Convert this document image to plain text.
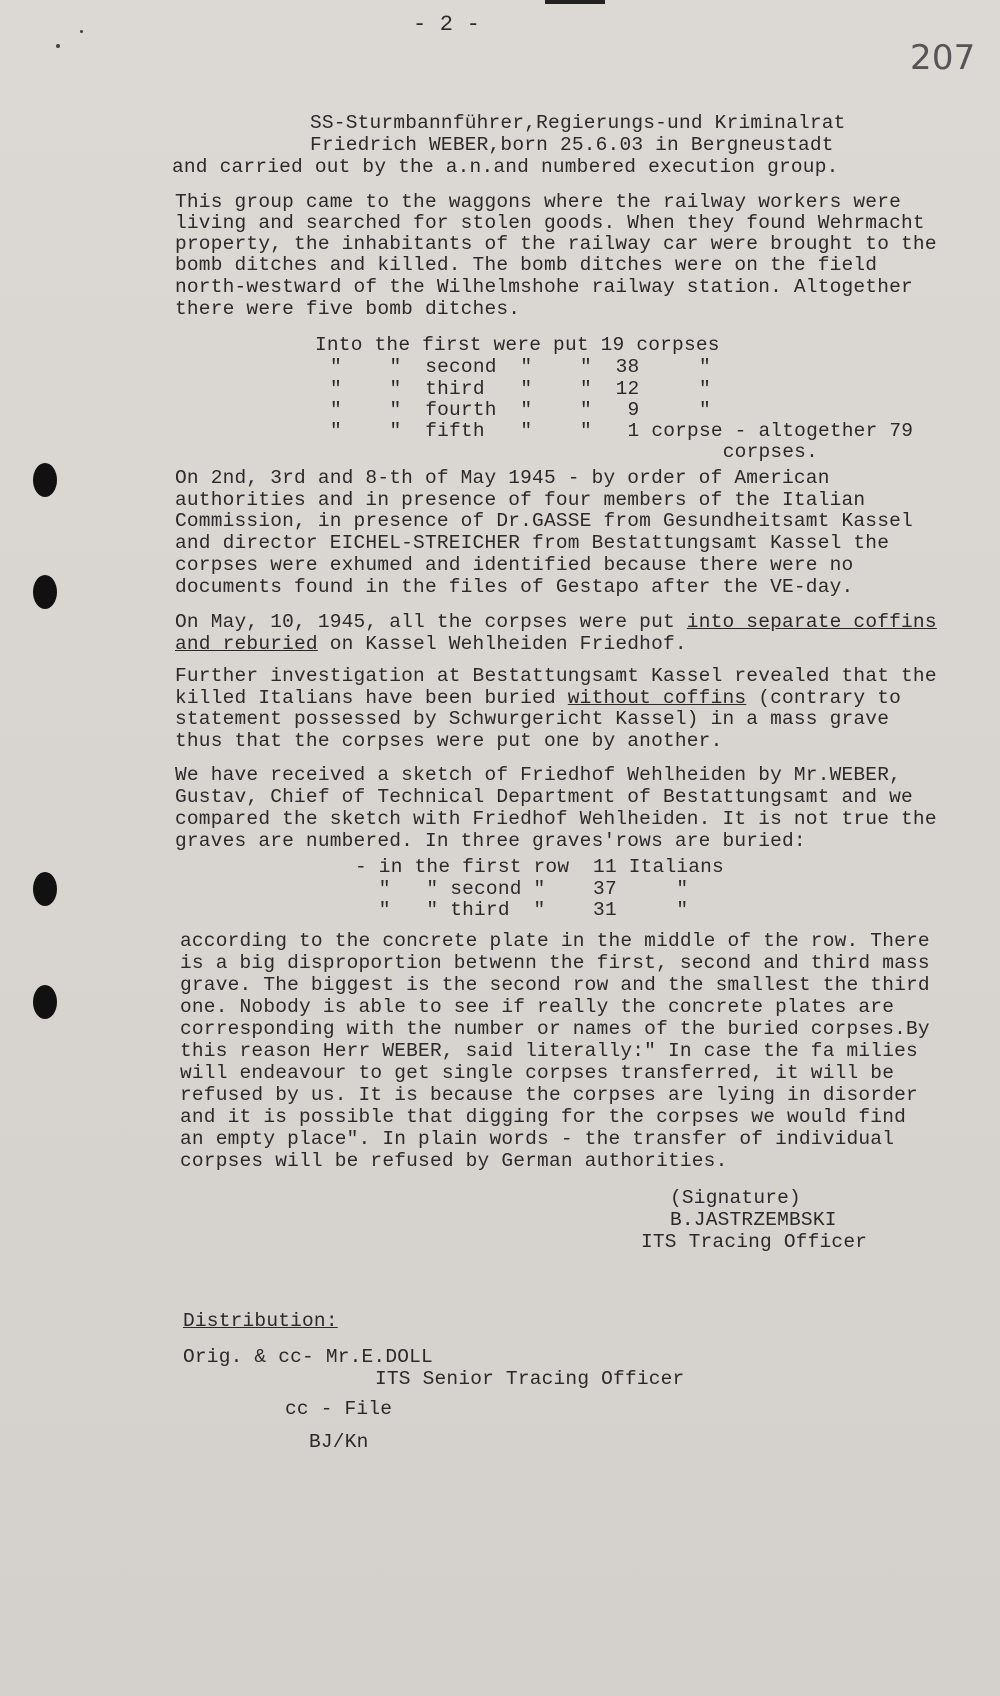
- 2 -
207
SS-Sturmbannführer,Regierungs-und Kriminalrat
Friedrich WEBER,born 25.6.03 in Bergneustadt
and carried out by the a.n.and numbered execution group.
This group came to the waggons where the railway workers were
living and searched for stolen goods. When they found Wehrmacht
property, the inhabitants of the railway car were brought to the
bomb ditches and killed. The bomb ditches were on the field
north-westward of the Wilhelmshohe railway station. Altogether
there were five bomb ditches.
Into the first were put 19 corpses
"    "  second  "    "  38     "
"    "  third   "    "  12     "
"    "  fourth  "    "   9     "
"    "  fifth   "    "   1 corpse - altogether 79
corpses.
On 2nd, 3rd and 8-th of May 1945 - by order of American
authorities and in presence of four members of the Italian
Commission, in presence of Dr.GASSE from Gesundheitsamt Kassel
and director EICHEL-STREICHER from Bestattungsamt Kassel the
corpses were exhumed and identified because there were no
documents found in the files of Gestapo after the VE-day.
On May, 10, 1945, all the corpses were put into separate coffins
and reburied on Kassel Wehlheiden Friedhof.
Further investigation at Bestattungsamt Kassel revealed that the
killed Italians have been buried without coffins (contrary to
statement possessed by Schwurgericht Kassel) in a mass grave
thus that the corpses were put one by another.
We have received a sketch of Friedhof Wehlheiden by Mr.WEBER,
Gustav, Chief of Technical Department of Bestattungsamt and we
compared the sketch with Friedhof Wehlheiden. It is not true the
graves are numbered. In three graves'rows are buried:
- in the first row  11 Italians
"   " second "    37     "
"   " third  "    31     "
according to the concrete plate in the middle of the row. There
is a big disproportion betwenn the first, second and third mass
grave. The biggest is the second row and the smallest the third
one. Nobody is able to see if really the concrete plates are
corresponding with the number or names of the buried corpses.By
this reason Herr WEBER, said literally:" In case the fa milies
will endeavour to get single corpses transferred, it will be
refused by us. It is because the corpses are lying in disorder
and it is possible that digging for the corpses we would find
an empty place". In plain words - the transfer of individual
corpses will be refused by German authorities.
(Signature)
B.JASTRZEMBSKI
ITS Tracing Officer
Distribution:
Orig. & cc- Mr.E.DOLL
ITS Senior Tracing Officer
cc - File
BJ/Kn
